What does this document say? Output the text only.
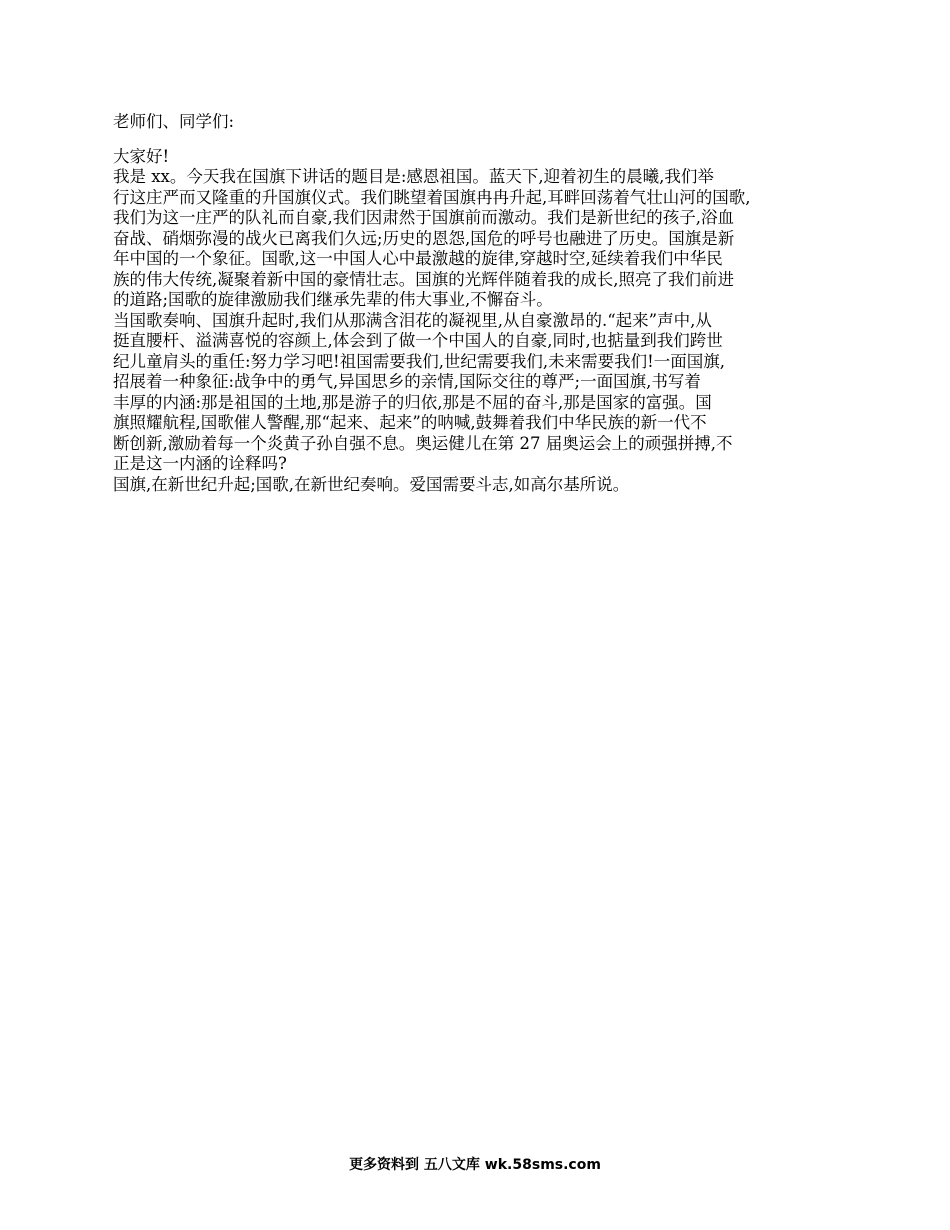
老师们、同学们:
大家好!
我是 xx。今天我在国旗下讲话的题目是:感恩祖国。蓝天下,迎着初生的晨曦,我们举
行这庄严而又隆重的升国旗仪式。我们眺望着国旗冉冉升起,耳畔回荡着气壮山河的国歌,
我们为这一庄严的队礼而自豪,我们因肃然于国旗前而激动。我们是新世纪的孩子,浴血
奋战、硝烟弥漫的战火已离我们久远;历史的恩怨,国危的呼号也融进了历史。国旗是新
年中国的一个象征。国歌,这一中国人心中最激越的旋律,穿越时空,延续着我们中华民
族的伟大传统,凝聚着新中国的豪情壮志。国旗的光辉伴随着我的成长,照亮了我们前进
的道路;国歌的旋律激励我们继承先辈的伟大事业,不懈奋斗。
当国歌奏响、国旗升起时,我们从那满含泪花的凝视里,从自豪激昂的.“起来”声中,从
挺直腰杆、溢满喜悦的容颜上,体会到了做一个中国人的自豪,同时,也掂量到我们跨世
纪儿童肩头的重任:努力学习吧!祖国需要我们,世纪需要我们,未来需要我们!一面国旗,
招展着一种象征:战争中的勇气,异国思乡的亲情,国际交往的尊严;一面国旗,书写着
丰厚的内涵:那是祖国的土地,那是游子的归依,那是不屈的奋斗,那是国家的富强。国
旗照耀航程,国歌催人警醒,那“起来、起来”的呐喊,鼓舞着我们中华民族的新一代不
断创新,激励着每一个炎黄子孙自强不息。奥运健儿在第 27 届奥运会上的顽强拼搏,不
正是这一内涵的诠释吗?
国旗,在新世纪升起;国歌,在新世纪奏响。爱国需要斗志,如高尔基所说。
更多资料到 五八文库 wk.58sms.com
